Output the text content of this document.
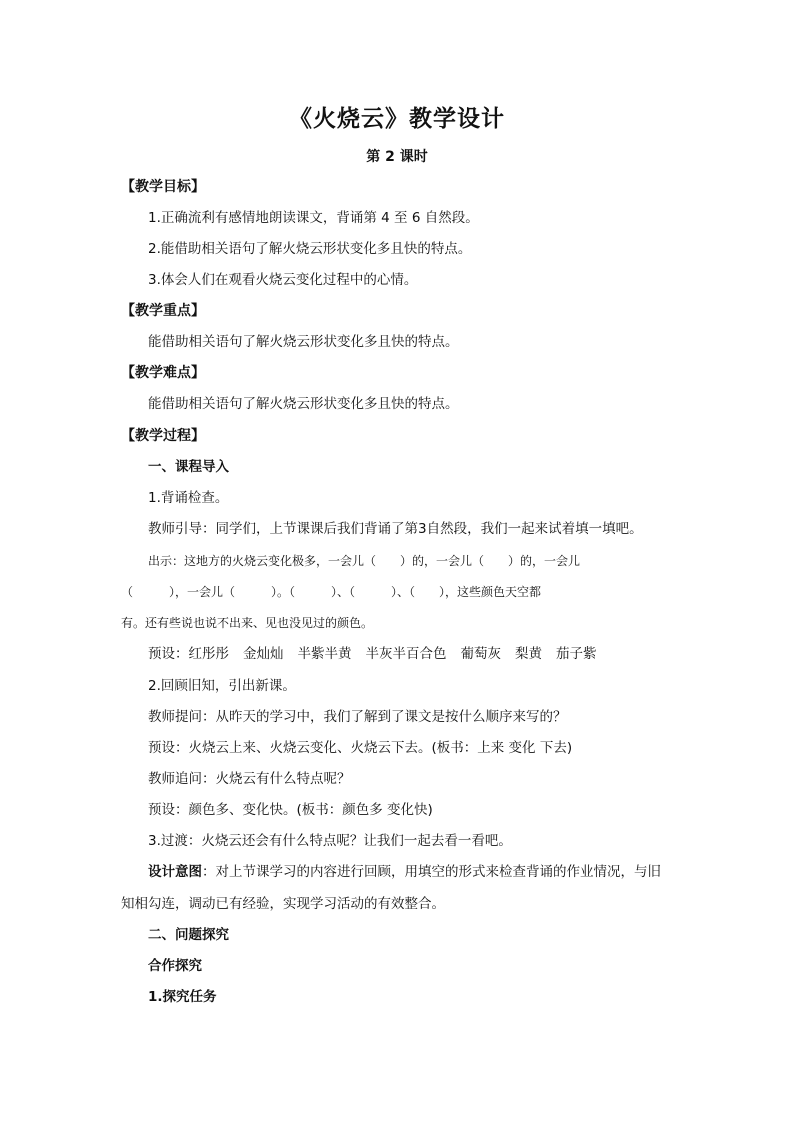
《火烧云》教学设计
第 2 课时
【教学目标】
1.正确流利有感情地朗读课文，背诵第 4 至 6 自然段。
2.能借助相关语句了解火烧云形状变化多且快的特点。
3.体会人们在观看火烧云变化过程中的心情。
【教学重点】
能借助相关语句了解火烧云形状变化多且快的特点。
【教学难点】
能借助相关语句了解火烧云形状变化多且快的特点。
【教学过程】
一、课程导入
1.背诵检查。
教师引导：同学们，上节课课后我们背诵了第3自然段，我们一起来试着填一填吧。
出示：这地方的火烧云变化极多，一会儿（　　）的，一会儿（　　）的，一会儿
（　　　），一会儿（　　　）。（　　　）、（　　　）、（　　），这些颜色天空都
有。还有些说也说不出来、见也没见过的颜色。
预设： 红彤彤 金灿灿 半紫半黄 半灰半百合色 葡萄灰 梨黄 茄子紫
2.回顾旧知，引出新课。
教师提问：从昨天的学习中，我们了解到了课文是按什么顺序来写的？
预设：火烧云上来、火烧云变化、火烧云下去。(板书：上来 变化 下去)
教师追问：火烧云有什么特点呢？
预设：颜色多、变化快。(板书：颜色多 变化快)
3.过渡：火烧云还会有什么特点呢？让我们一起去看一看吧。
设计意图：对上节课学习的内容进行回顾，用填空的形式来检查背诵的作业情况，与旧
知相勾连，调动已有经验，实现学习活动的有效整合。
二、问题探究
合作探究
1.探究任务
